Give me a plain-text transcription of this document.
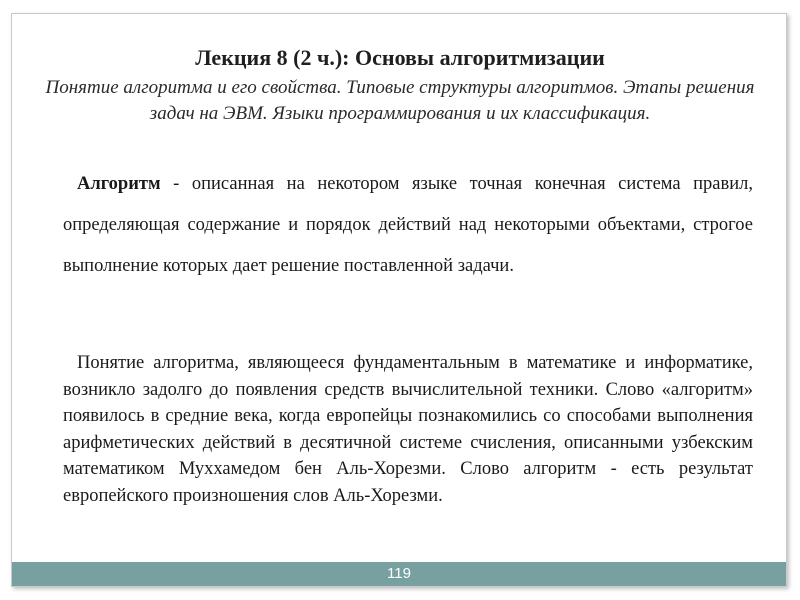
Лекция 8 (2 ч.): Основы алгоритмизации
Понятие алгоритма и его свойства. Типовые структуры алгоритмов. Этапы решения задач на ЭВМ. Языки программирования и их классификация.

Алгоритм - описанная на некотором языке точная конечная система правил, определяющая содержание и порядок действий над некоторыми объектами, строгое выполнение которых дает решение поставленной задачи.

Понятие алгоритма, являющееся фундаментальным в математике и информатике, возникло задолго до появления средств вычислительной техники. Слово «алгоритм» появилось в средние века, когда европейцы познакомились со способами выполнения арифметических действий в десятичной системе счисления, описанными узбекским математиком Муххамедом бен Аль-Хорезми. Слово алгоритм - есть результат европейского произношения слов Аль-Хорезми.

119
